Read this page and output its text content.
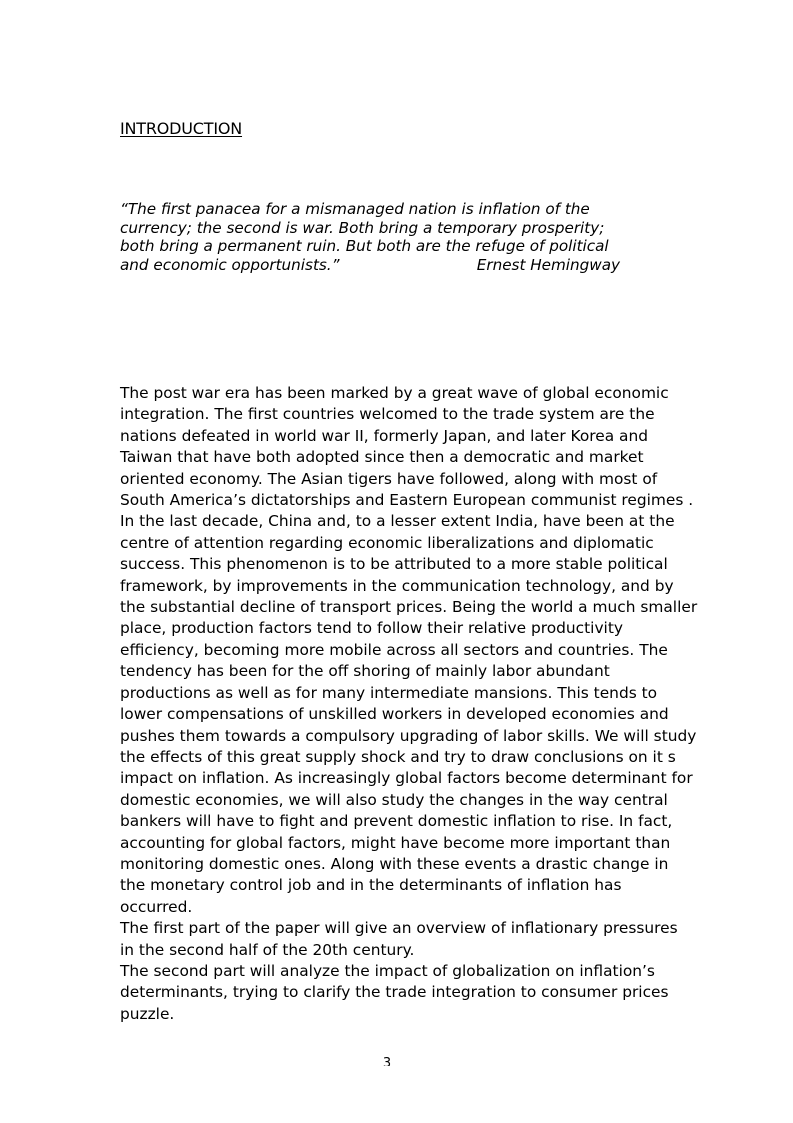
INTRODUCTION
“The first panacea for a mismanaged nation is inflation of the
currency; the second is war. Both bring a temporary prosperity;
both bring a permanent ruin. But both are the refuge of political
and economic opportunists.”	Ernest Hemingway
The post war era has been marked by a great wave of global economic
integration. The first countries welcomed to the trade system are the
nations defeated in world war II, formerly Japan, and later Korea and
Taiwan that have both adopted since then a democratic and market
oriented economy. The Asian tigers have followed, along with most of
South America’s dictatorships and Eastern European communist regimes .
In the last decade, China and, to a lesser extent India, have been at the
centre of attention regarding economic liberalizations and diplomatic
success. This phenomenon is to be attributed to a more stable political
framework, by improvements in the communication technology, and by
the substantial decline of transport prices. Being the world a much smaller
place, production factors tend to follow their relative productivity
efficiency, becoming more mobile across all sectors and countries. The
tendency has been for the off shoring of mainly labor abundant
productions as well as for many intermediate mansions. This tends to
lower compensations of unskilled workers in developed economies and
pushes them towards a compulsory upgrading of labor skills. We will study
the effects of this great supply shock and try to draw conclusions on it s
impact on inflation. As increasingly global factors become determinant for
domestic economies, we will also study the changes in the way central
bankers will have to fight and prevent domestic inflation to rise. In fact,
accounting for global factors, might have become more important than
monitoring domestic ones. Along with these events a drastic change in
the monetary control job and in the determinants of inflation has
occurred.
The first part of the paper will give an overview of inflationary pressures
in the second half of the 20th century.
The second part will analyze the impact of globalization on inflation’s
determinants, trying to clarify the trade integration to consumer prices
puzzle.
3
